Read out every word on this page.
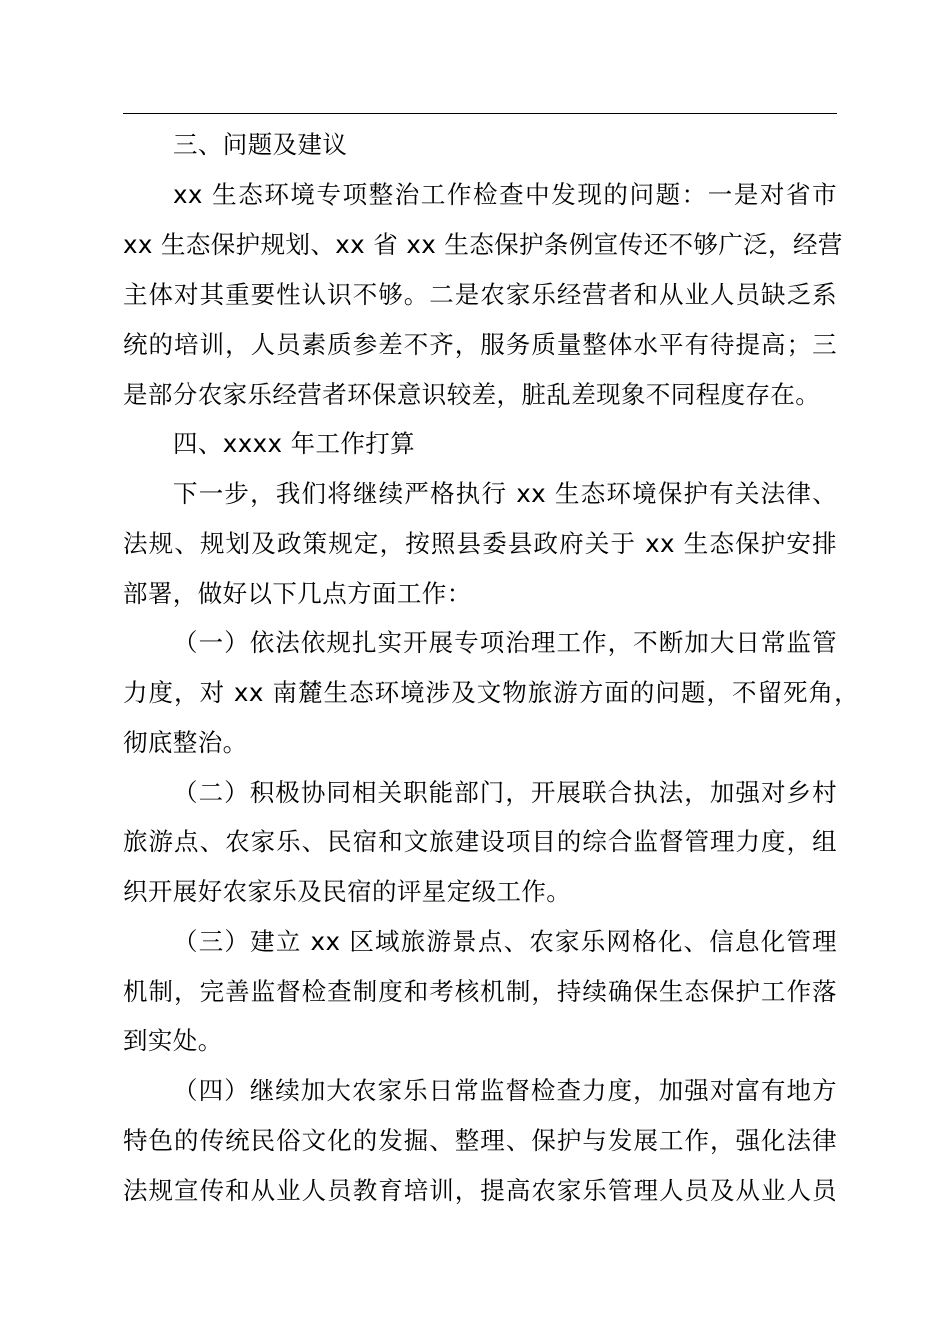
三、问题及建议
xx 生态环境专项整治工作检查中发现的问题：一是对省市
xx 生态保护规划、xx 省 xx 生态保护条例宣传还不够广泛，经营
主体对其重要性认识不够。二是农家乐经营者和从业人员缺乏系
统的培训，人员素质参差不齐，服务质量整体水平有待提高；三
是部分农家乐经营者环保意识较差，脏乱差现象不同程度存在。
四、xxxx 年工作打算
下一步，我们将继续严格执行 xx 生态环境保护有关法律、
法规、规划及政策规定，按照县委县政府关于 xx 生态保护安排
部署，做好以下几点方面工作：
（一）依法依规扎实开展专项治理工作，不断加大日常监管
力度，对 xx 南麓生态环境涉及文物旅游方面的问题，不留死角，
彻底整治。
（二）积极协同相关职能部门，开展联合执法，加强对乡村
旅游点、农家乐、民宿和文旅建设项目的综合监督管理力度，组
织开展好农家乐及民宿的评星定级工作。
（三）建立 xx 区域旅游景点、农家乐网格化、信息化管理
机制，完善监督检查制度和考核机制，持续确保生态保护工作落
到实处。
（四）继续加大农家乐日常监督检查力度，加强对富有地方
特色的传统民俗文化的发掘、整理、保护与发展工作，强化法律
法规宣传和从业人员教育培训，提高农家乐管理人员及从业人员
